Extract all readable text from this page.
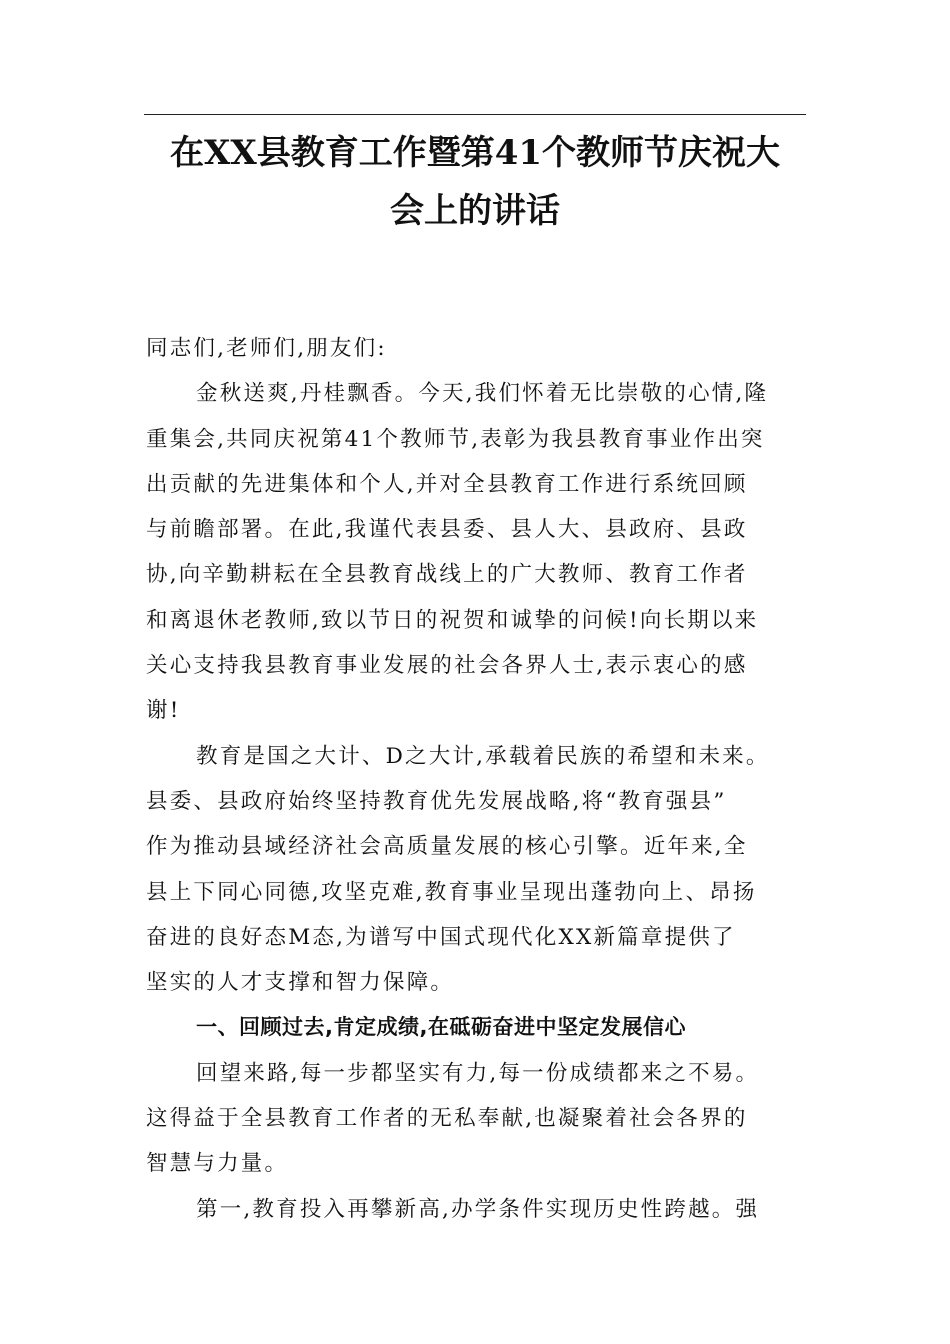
在XX县教育工作暨第41个教师节庆祝大
会上的讲话
同志们,老师们,朋友们:
金秋送爽,丹桂飘香。今天,我们怀着无比崇敬的心情,隆
重集会,共同庆祝第41个教师节,表彰为我县教育事业作出突
出贡献的先进集体和个人,并对全县教育工作进行系统回顾
与前瞻部署。在此,我谨代表县委、县人大、县政府、县政
协,向辛勤耕耘在全县教育战线上的广大教师、教育工作者
和离退休老教师,致以节日的祝贺和诚挚的问候!向长期以来
关心支持我县教育事业发展的社会各界人士,表示衷心的感
谢!
教育是国之大计、D之大计,承载着民族的希望和未来。
县委、县政府始终坚持教育优先发展战略,将“教育强县”
作为推动县域经济社会高质量发展的核心引擎。近年来,全
县上下同心同德,攻坚克难,教育事业呈现出蓬勃向上、昂扬
奋进的良好态M态,为谱写中国式现代化XX新篇章提供了
坚实的人才支撑和智力保障。
一、回顾过去,肯定成绩,在砥砺奋进中坚定发展信心
回望来路,每一步都坚实有力,每一份成绩都来之不易。
这得益于全县教育工作者的无私奉献,也凝聚着社会各界的
智慧与力量。
第一,教育投入再攀新高,办学条件实现历史性跨越。强
